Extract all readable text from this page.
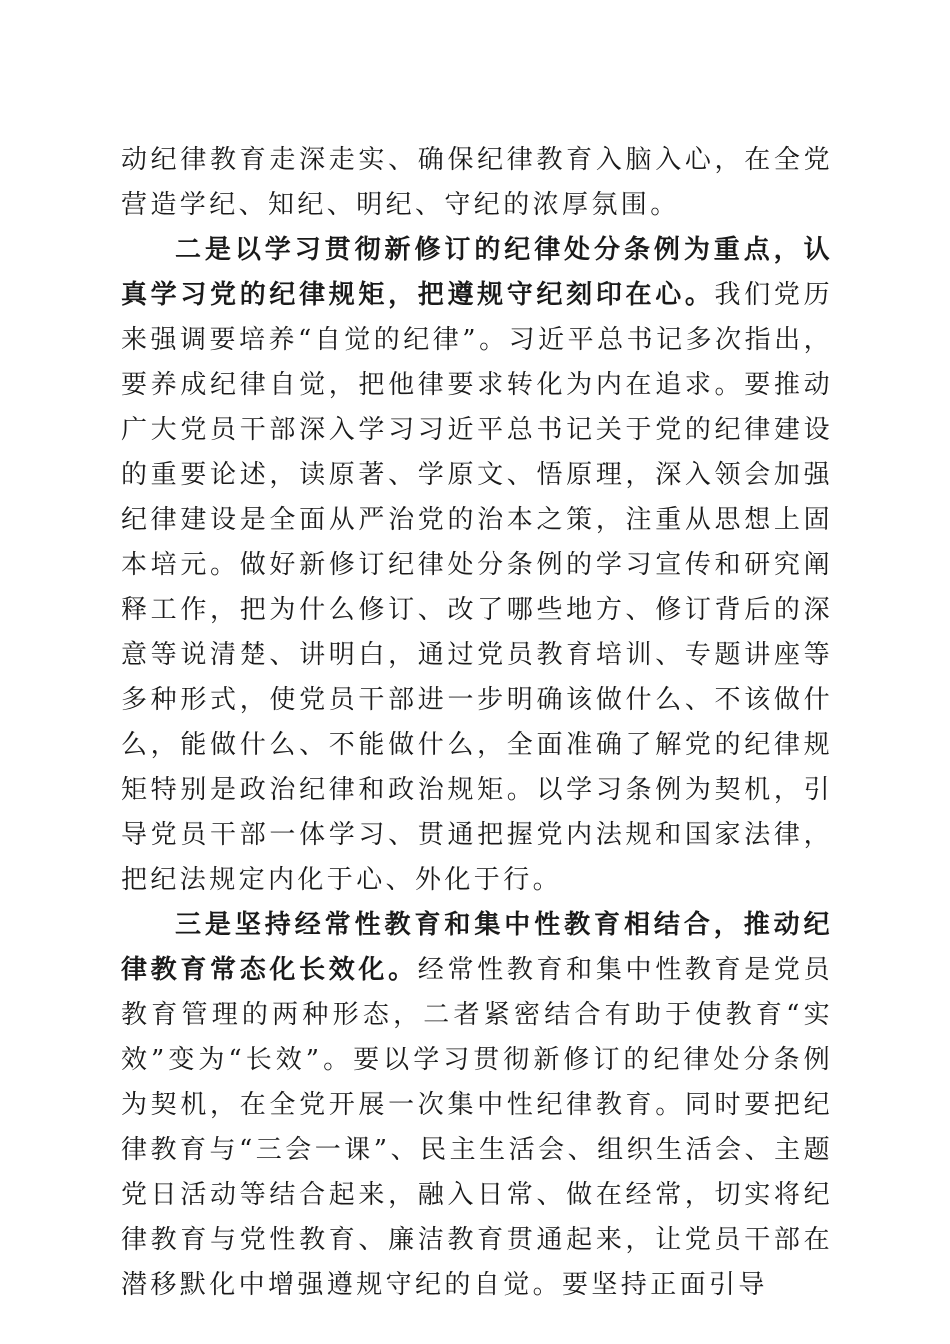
动纪律教育走深走实、确保纪律教育入脑入心，在全党营造学纪、知纪、明纪、守纪的浓厚氛围。

二是以学习贯彻新修订的纪律处分条例为重点，认真学习党的纪律规矩，把遵规守纪刻印在心。我们党历来强调要培养“自觉的纪律”。习近平总书记多次指出，要养成纪律自觉，把他律要求转化为内在追求。要推动广大党员干部深入学习习近平总书记关于党的纪律建设的重要论述，读原著、学原文、悟原理，深入领会加强纪律建设是全面从严治党的治本之策，注重从思想上固本培元。做好新修订纪律处分条例的学习宣传和研究阐释工作，把为什么修订、改了哪些地方、修订背后的深意等说清楚、讲明白，通过党员教育培训、专题讲座等多种形式，使党员干部进一步明确该做什么、不该做什么，能做什么、不能做什么，全面准确了解党的纪律规矩特别是政治纪律和政治规矩。以学习条例为契机，引导党员干部一体学习、贯通把握党内法规和国家法律，把纪法规定内化于心、外化于行。

三是坚持经常性教育和集中性教育相结合，推动纪律教育常态化长效化。经常性教育和集中性教育是党员教育管理的两种形态，二者紧密结合有助于使教育“实效”变为“长效”。要以学习贯彻新修订的纪律处分条例为契机，在全党开展一次集中性纪律教育。同时要把纪律教育与“三会一课”、民主生活会、组织生活会、主题党日活动等结合起来，融入日常、做在经常，切实将纪律教育与党性教育、廉洁教育贯通起来，让党员干部在潜移默化中增强遵规守纪的自觉。要坚持正面引导
